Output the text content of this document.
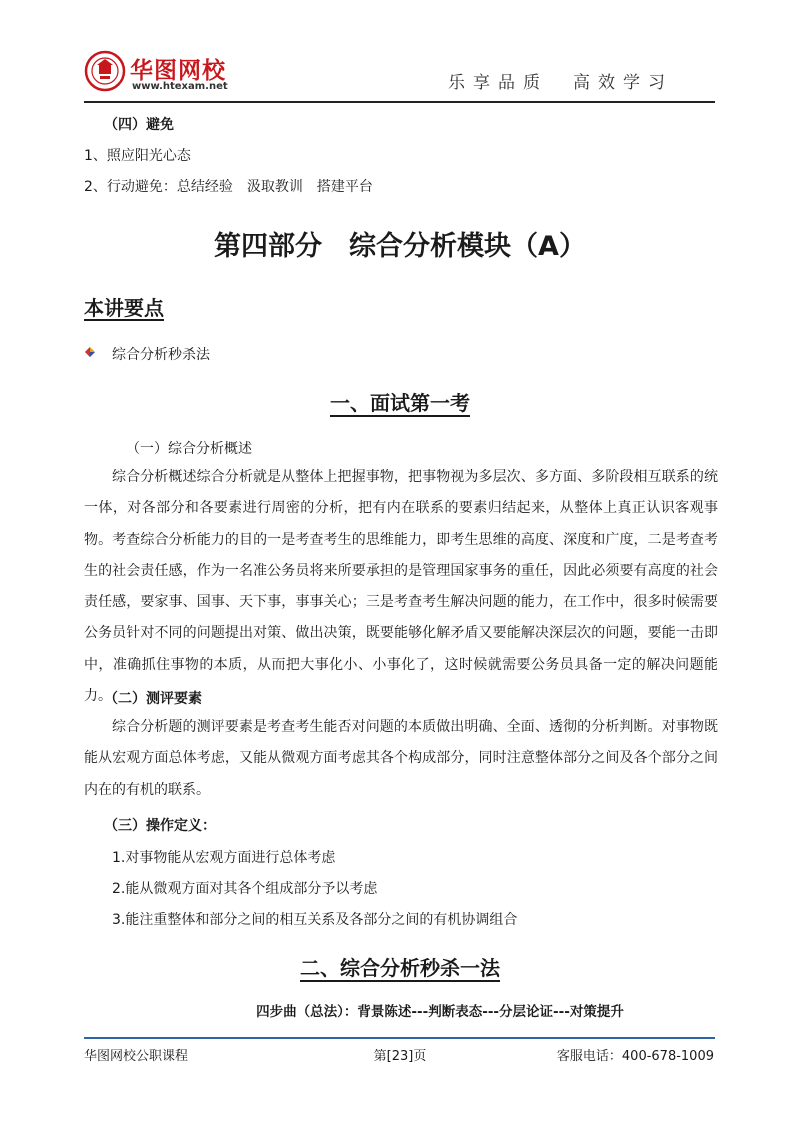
华图网校
www.htexam.net	乐享品质　高效学习
（四）避免
1、照应阳光心态
2、行动避免：总结经验　汲取教训　搭建平台
第四部分　综合分析模块（A）
本讲要点
综合分析秒杀法
一、面试第一考
（一）综合分析概述

综合分析概述综合分析就是从整体上把握事物，把事物视为多层次、多方面、多阶段相互联系的统一体，对各部分和各要素进行周密的分析，把有内在联系的要素归结起来，从整体上真正认识客观事物。考查综合分析能力的目的一是考查考生的思维能力，即考生思维的高度、深度和广度，二是考查考生的社会责任感，作为一名准公务员将来所要承担的是管理国家事务的重任，因此必须要有高度的社会责任感，要家事、国事、天下事，事事关心；三是考查考生解决问题的能力，在工作中，很多时候需要公务员针对不同的问题提出对策、做出决策，既要能够化解矛盾又要能解决深层次的问题，要能一击即中，准确抓住事物的本质，从而把大事化小、小事化了，这时候就需要公务员具备一定的解决问题能力。

（二）测评要素

综合分析题的测评要素是考查考生能否对问题的本质做出明确、全面、透彻的分析判断。对事物既能从宏观方面总体考虑，又能从微观方面考虑其各个构成部分，同时注意整体部分之间及各个部分之间内在的有机的联系。

（三）操作定义：
1.对事物能从宏观方面进行总体考虑
2.能从微观方面对其各个组成部分予以考虑
3.能注重整体和部分之间的相互关系及各部分之间的有机协调组合
二、综合分析秒杀一法
四步曲（总法）：背景陈述---判断表态---分层论证---对策提升
华图网校公职课程	第[23]页	客服电话：400-678-1009
